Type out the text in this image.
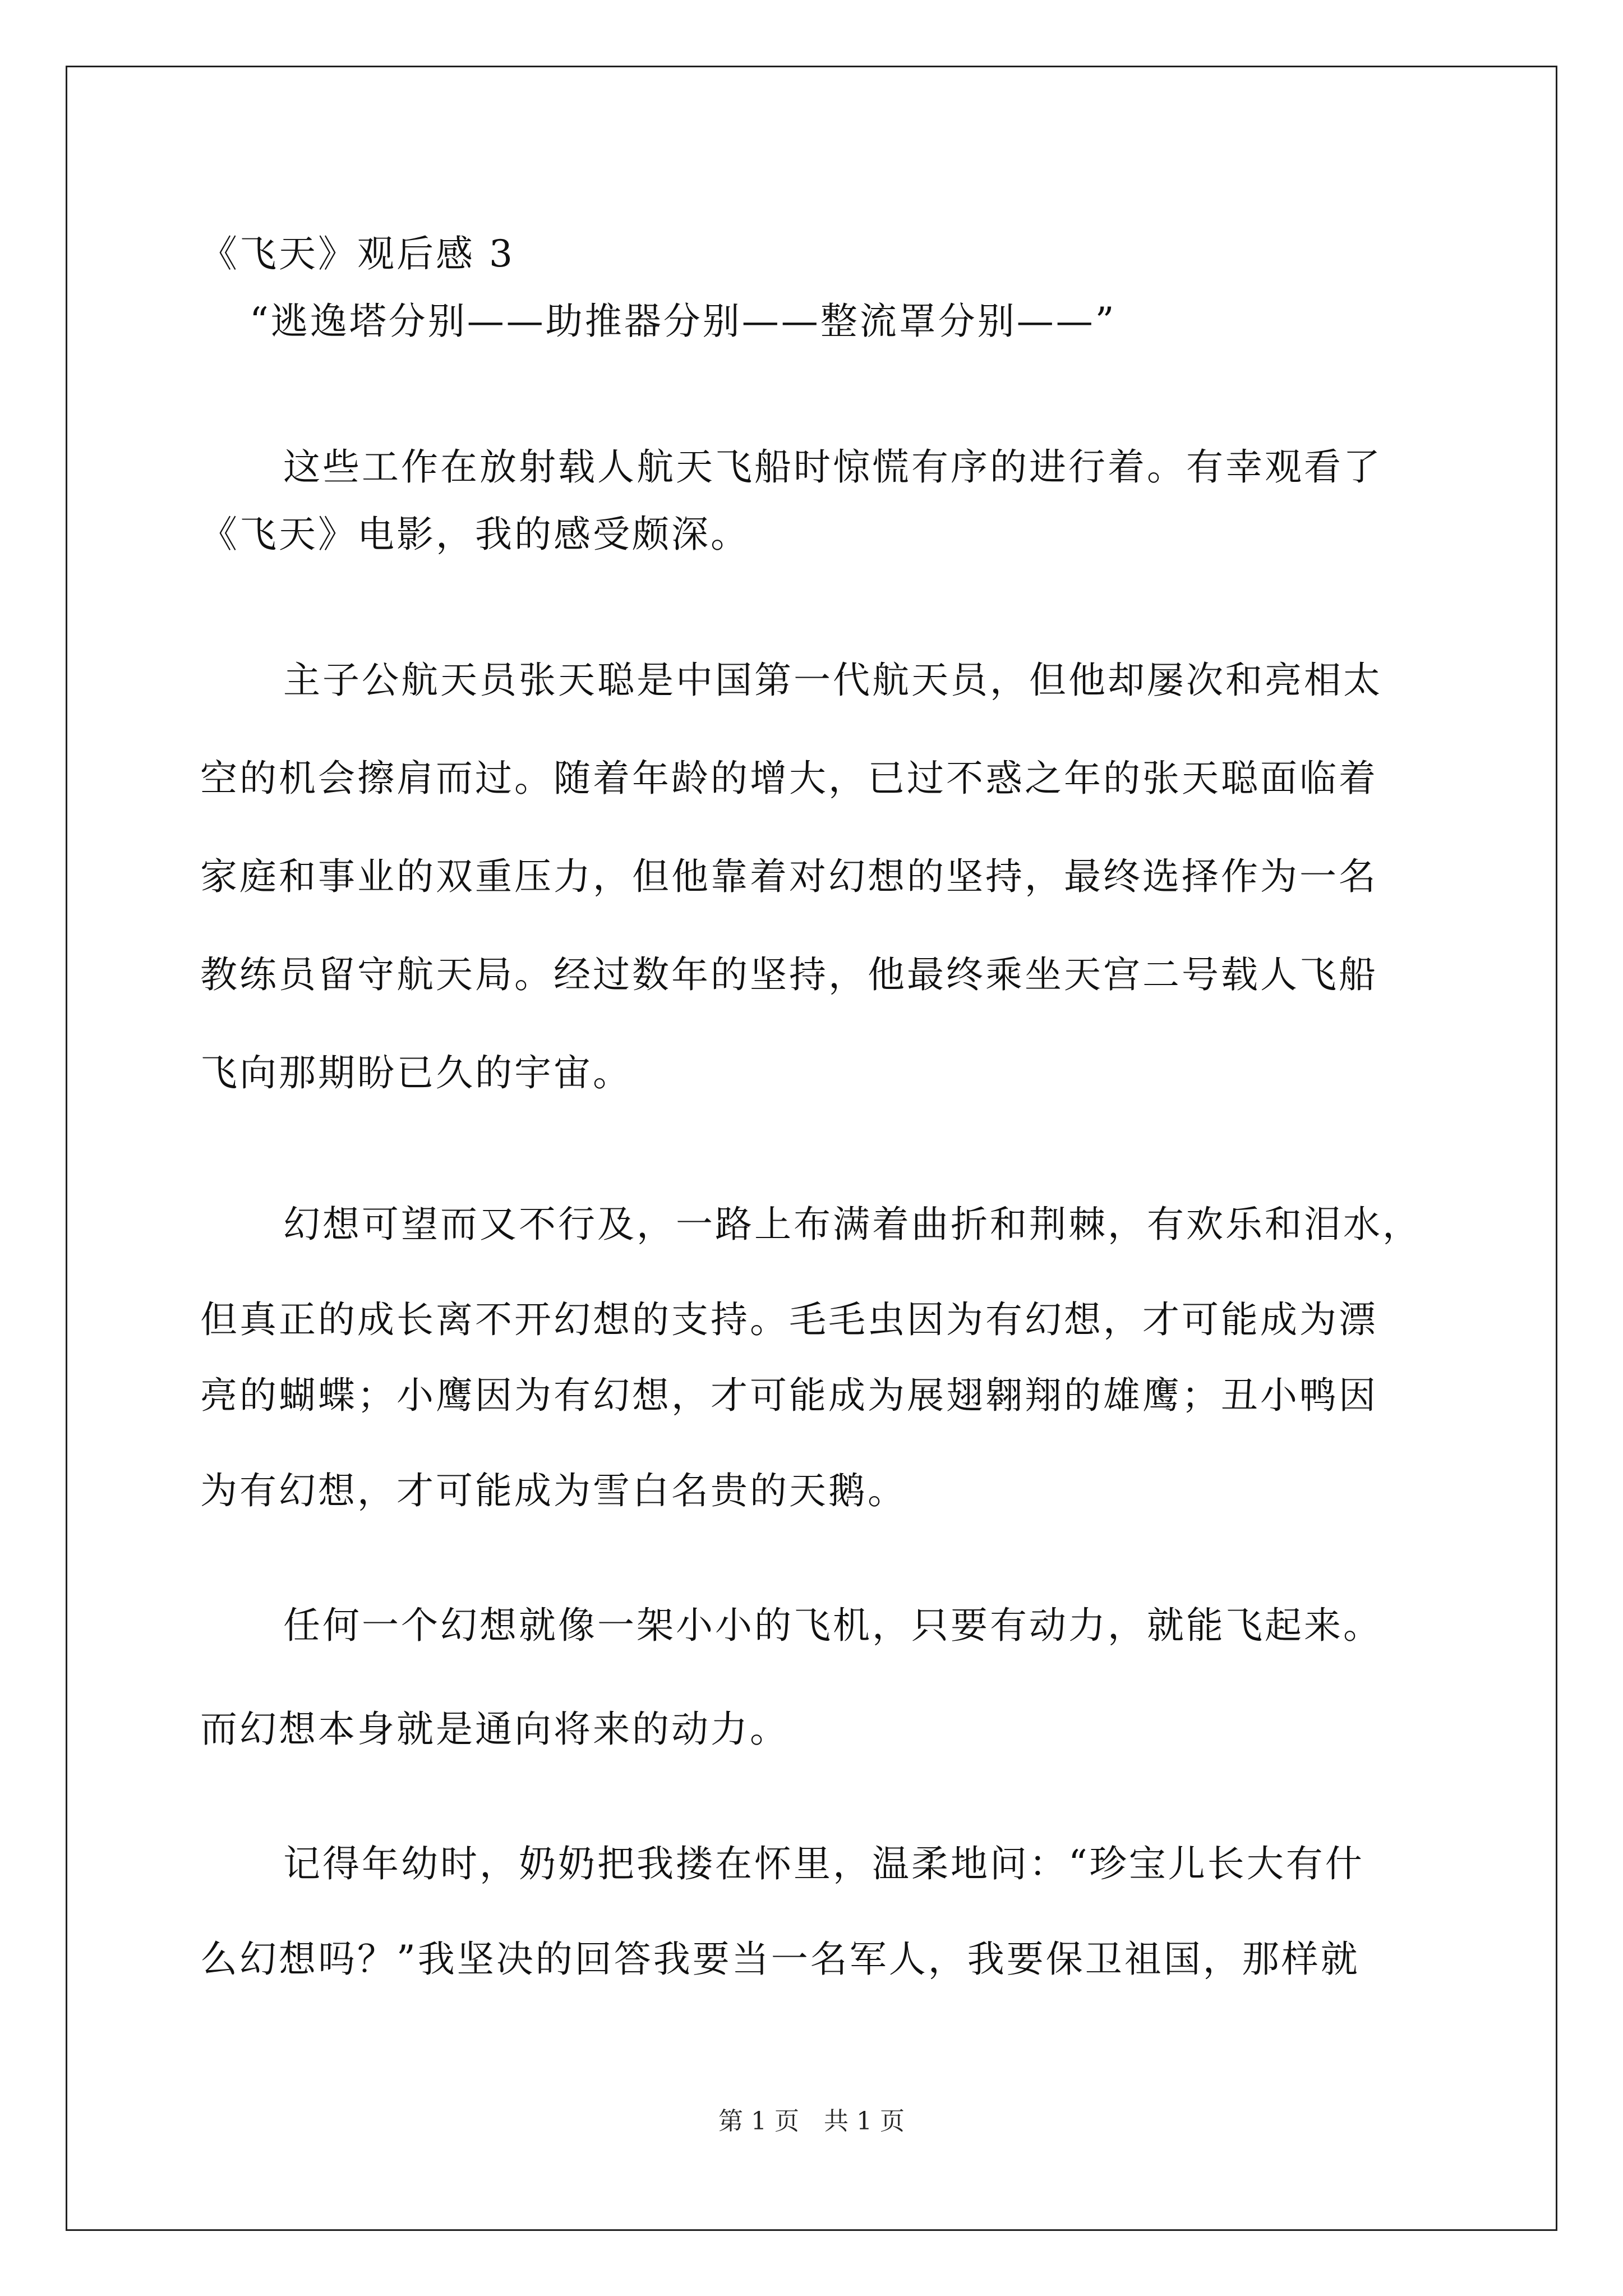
《飞天》观后感 3
“逃逸塔分别——助推器分别——整流罩分别——”
这些工作在放射载人航天飞船时惊慌有序的进行着。有幸观看了
《飞天》电影，我的感受颇深。
主子公航天员张天聪是中国第一代航天员，但他却屡次和亮相太
空的机会擦肩而过。随着年龄的增大，已过不惑之年的张天聪面临着
家庭和事业的双重压力，但他靠着对幻想的坚持，最终选择作为一名
教练员留守航天局。经过数年的坚持，他最终乘坐天宫二号载人飞船
飞向那期盼已久的宇宙。
幻想可望而又不行及，一路上布满着曲折和荆棘，有欢乐和泪水，
但真正的成长离不开幻想的支持。毛毛虫因为有幻想，才可能成为漂
亮的蝴蝶；小鹰因为有幻想，才可能成为展翅翱翔的雄鹰；丑小鸭因
为有幻想，才可能成为雪白名贵的天鹅。
任何一个幻想就像一架小小的飞机，只要有动力，就能飞起来。
而幻想本身就是通向将来的动力。
记得年幼时，奶奶把我搂在怀里，温柔地问：“珍宝儿长大有什
么幻想吗？”我坚决的回答我要当一名军人，我要保卫祖国，那样就
第 1 页　共 1 页
